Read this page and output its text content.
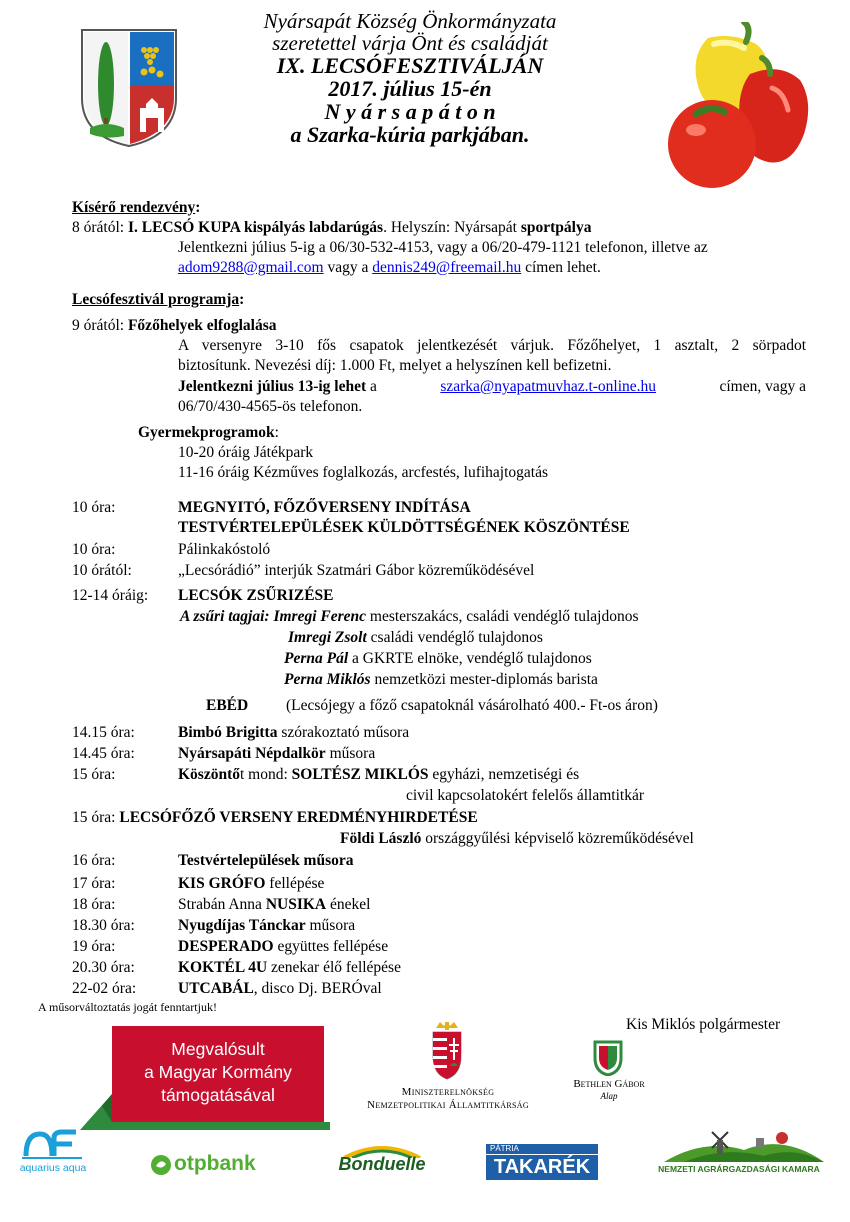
Nyársapát Község Önkormányzata
szeretettel várja Önt és családját
IX. LECSÓFESZTIVÁLJÁN
2017. július 15-én
N y á r s a p á t o n
a Szarka-kúria parkjában.
Kísérő rendezvény:
8 órától: I. LECSÓ KUPA kispályás labdarúgás. Helyszín: Nyársapát sportpálya
Jelentkezni július 5-ig a 06/30-532-4153, vagy a 06/20-479-1121 telefonon, illetve az
adom9288@gmail.com vagy a dennis249@freemail.hu címen lehet.
Lecsófesztivál programja:
9 órától: Főzőhelyek elfoglalása
A versenyre 3-10 fős csapatok jelentkezését várjuk. Főzőhelyet, 1 asztalt, 2 sörpadot
biztosítunk. Nevezési díj: 1.000 Ft, melyet a helyszínen kell befizetni.
Jelentkezni július 13-ig lehet a	szarka@nyapatmuvhaz.t-online.hu	címen, vagy a
06/70/430-4565-ös telefonon.
Gyermekprogramok:
10-20 óráig Játékpark
11-16 óráig Kézműves foglalkozás, arcfestés, lufihajtogatás
10 óra:	MEGNYITÓ, FŐZŐVERSENY INDÍTÁSA
TESTVÉRTELEPÜLÉSEK KÜLDÖTTSÉGÉNEK KÖSZÖNTÉSE
10 óra:	Pálinkakóstoló
10 órától:	„Lecsórádió” interjúk Szatmári Gábor közreműködésével
12-14 óráig: LECSÓK ZSŰRIZÉSE
A zsűri tagjai: Imregi Ferenc mesterszakács, családi vendéglő tulajdonos
Imregi Zsolt családi vendéglő tulajdonos
Perna Pál a GKRTE elnöke, vendéglő tulajdonos
Perna Miklós nemzetközi mester-diplomás barista
EBÉD (Lecsójegy a főző csapatoknál vásárolható 400.- Ft-os áron)
14.15 óra:	Bimbó Brigitta szórakoztató műsora
14.45 óra:	Nyársapáti Népdalkör műsora
15 óra:	Köszöntőt mond: SOLTÉSZ MIKLÓS egyházi, nemzetiségi és
civil kapcsolatokért felelős államtitkár
15 óra: LECSÓFŐZŐ VERSENY EREDMÉNYHIRDETÉSE
Földi László országgyűlési képviselő közreműködésével
16 óra:	Testvértelepülések műsora
17 óra:	KIS GRÓFO fellépése
18 óra:	Strabán Anna NUSIKA énekel
18.30 óra:	Nyugdíjas Tánckar műsora
19 óra:	DESPERADO együttes fellépése
20.30 óra:	KOKTÉL 4U zenekar élő fellépése
22-02 óra:	UTCABÁL, disco Dj. BERÓval
A műsorváltoztatás jogát fenntartjuk!
Kis Miklós polgármester
Megvalósult
a Magyar Kormány
támogatásával	Miniszterelnökség
Nemzetpolitikai Államtitkárság
Bethlen Gábor
Alap
aquarius aqua	otpbank	Bonduelle
PÁTRIA
TAKARÉK	NEMZETI AGRÁRGAZDASÁGI KAMARA
